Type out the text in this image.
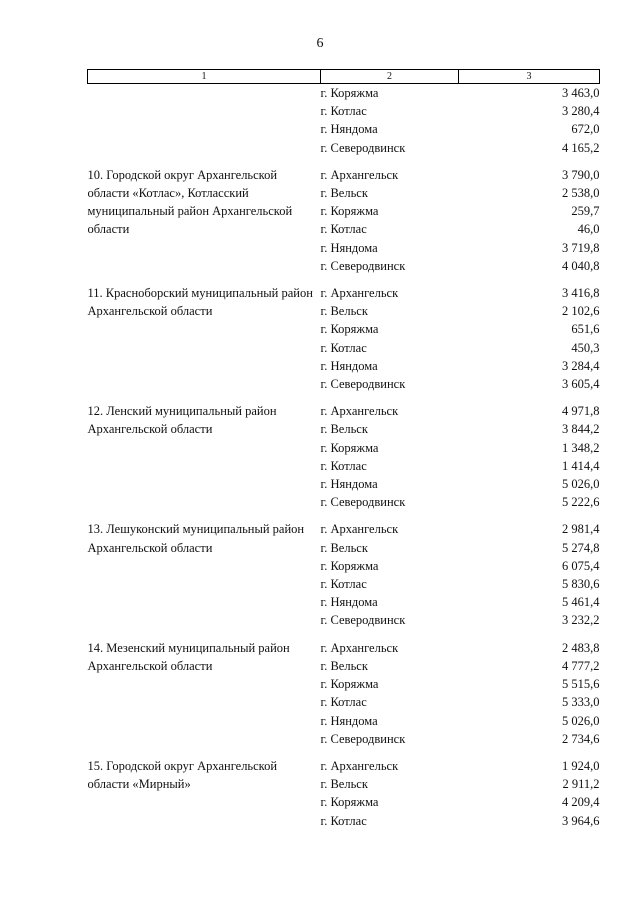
6
1	2	3
	г. Коряжма	3 463,0
	г. Котлас	3 280,4
	г. Няндома	672,0
	г. Северодвинск	4 165,2

10. Городской округ Архангельской области «Котлас», Котласский муниципальный район Архангельской области	г. Архангельск	3 790,0
	г. Вельск	2 538,0
	г. Коряжма	259,7
	г. Котлас	46,0
	г. Няндома	3 719,8
	г. Северодвинск	4 040,8

11. Красноборский муниципальный район Архангельской области	г. Архангельск	3 416,8
	г. Вельск	2 102,6
	г. Коряжма	651,6
	г. Котлас	450,3
	г. Няндома	3 284,4
	г. Северодвинск	3 605,4

12. Ленский муниципальный район Архангельской области	г. Архангельск	4 971,8
	г. Вельск	3 844,2
	г. Коряжма	1 348,2
	г. Котлас	1 414,4
	г. Няндома	5 026,0
	г. Северодвинск	5 222,6

13. Лешуконский муниципальный район Архангельской области	г. Архангельск	2 981,4
	г. Вельск	5 274,8
	г. Коряжма	6 075,4
	г. Котлас	5 830,6
	г. Няндома	5 461,4
	г. Северодвинск	3 232,2

14. Мезенский муниципальный район Архангельской области	г. Архангельск	2 483,8
	г. Вельск	4 777,2
	г. Коряжма	5 515,6
	г. Котлас	5 333,0
	г. Няндома	5 026,0
	г. Северодвинск	2 734,6

15. Городской округ Архангельской области «Мирный»	г. Архангельск	1 924,0
	г. Вельск	2 911,2
	г. Коряжма	4 209,4
	г. Котлас	3 964,6
